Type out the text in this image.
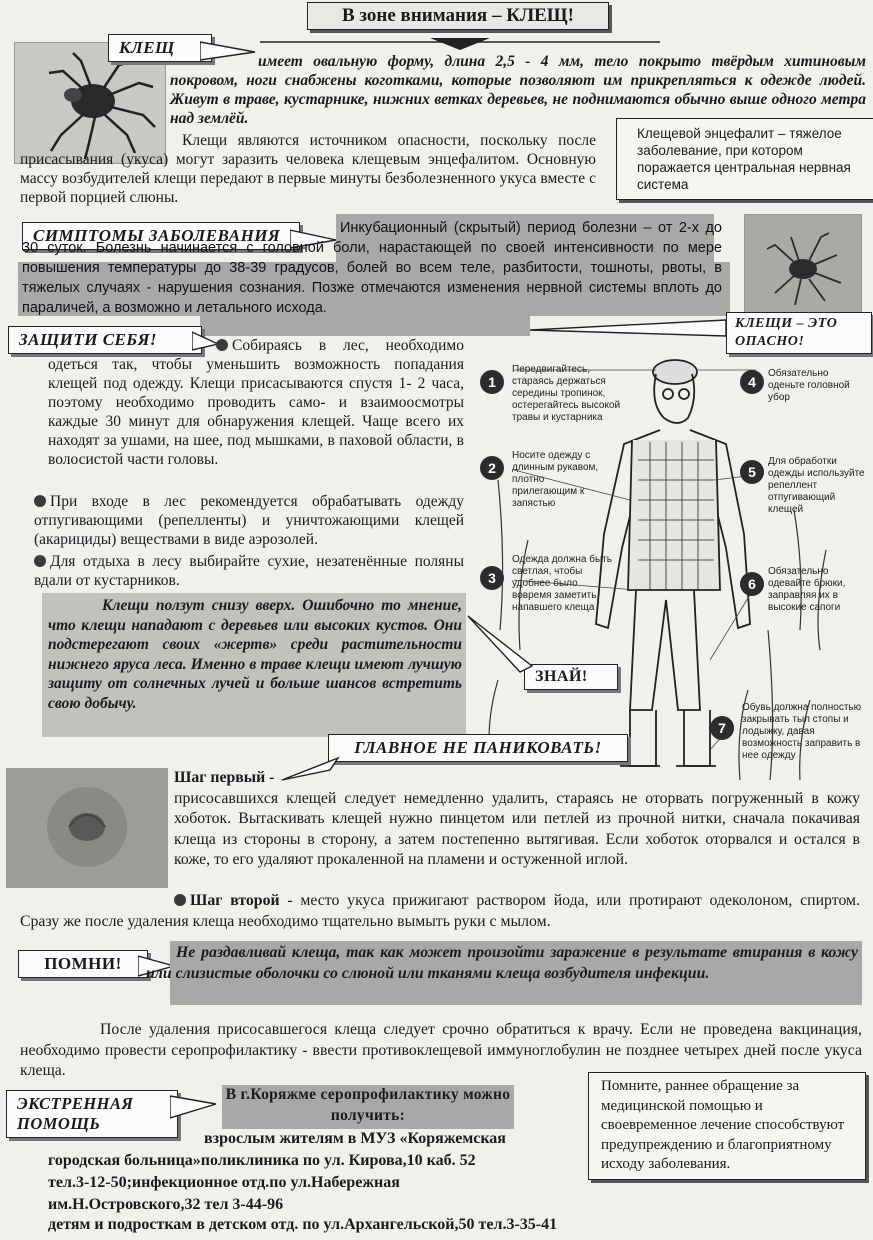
В зоне внимания – КЛЕЩ!
КЛЕЩ
имеет овальную форму, длина 2,5 - 4 мм, тело покрыто твёрдым хитиновым покровом, ноги снабжены коготками, которые позволяют им прикрепляться к одежде людей. Живут в траве, кустарнике, нижних ветках деревьев, не поднимаются обычно выше одного метра над землёй.
Клещи являются источником опасности, поскольку после присасывания (укуса) могут заразить человека клещевым энцефалитом. Основную массу возбудителей клещи передают в первые минуты безболезненного укуса вместе с первой порцией слюны.
Клещевой энцефалит – тяжелое заболевание, при котором поражается центральная нервная система
СИМПТОМЫ ЗАБОЛЕВАНИЯ	Инкубационный (скрытый) период болезни – от 2-х до 30 суток. Болезнь начинается с головной боли, нарастающей по своей интенсивности по мере повышения температуры до 38-39 градусов, болей во всем теле, разбитости, тошноты, рвоты, в тяжелых случаях - нарушения сознания. Позже отмечаются изменения нервной системы вплоть до параличей, а возможно и летального исхода.
КЛЕЩИ – ЭТО ОПАСНО!
ЗАЩИТИ СЕБЯ!	Собираясь в лес, необходимо одеться так, чтобы уменьшить возможность попадания клещей под одежду. Клещи присасываются спустя 1- 2 часа, поэтому необходимо проводить само- и взаимоосмотры каждые 30 минут для обнаружения клещей. Чаще всего их находят за ушами, на шее, под мышками, в паховой области, в волосистой части головы.
При входе в лес рекомендуется обрабатывать одежду отпугивающими (репелленты) и уничтожающими клещей (акарициды) веществами в виде аэрозолей.
Для отдыха в лесу выбирайте сухие, незатенённые поляны вдали от кустарников.
Клещи ползут снизу вверх. Ошибочно то мнение, что клещи нападают с деревьев или высоких кустов. Они подстерегают своих «жертв» среди растительности нижнего яруса леса. Именно в траве клещи имеют лучшую защиту от солнечных лучей и больше шансов встретить свою добычу.
ЗНАЙ!
1
Передвигайтесь, стараясь держаться середины тропинок, остерегайтесь высокой травы и кустарника
2
Носите одежду с длинным рукавом, плотно прилегающим к запястью
3
Одежда должна быть светлая, чтобы удобнее было вовремя заметить напавшего клеща
4
Обязательно оденьте головной убор
5
Для обработки одежды используйте репеллент отпугивающий клещей
6
Обязательно одевайте брюки, заправляя их в высокие сапоги
7
Обувь должна полностью закрывать тыл стопы и лодыжку, давая возможность заправить в нее одежду
ГЛАВНОЕ НЕ ПАНИКОВАТЬ!
Шаг первый -
присосавшихся клещей следует немедленно удалить, стараясь не оторвать погруженный в кожу хоботок. Вытаскивать клещей нужно пинцетом или петлей из прочной нитки, сначала покачивая клеща из стороны в сторону, а затем постепенно вытягивая. Если хоботок оторвался и остался в коже, то его удаляют прокаленной на пламени и остуженной иглой.
Шаг второй - место укуса прижигают раствором йода, или протирают одеколоном, спиртом. Сразу же после удаления клеща необходимо тщательно вымыть руки с мылом.
ПОМНИ!
Не раздавливай клеща, так как может произойти заражение в результате втирания в кожу или слизистые оболочки со слюной или тканями клеща возбудителя инфекции.
После удаления присосавшегося клеща следует срочно обратиться к врачу. Если не проведена вакцинация, необходимо провести серопрофилактику - ввести противоклещевой иммуноглобулин не позднее четырех дней после укуса клеща.
ЭКСТРЕННАЯ ПОМОЩЬ
В г.Коряжме серопрофилактику можно получить:
взрослым жителям в МУЗ «Коряжемская
городская больница»поликлиника по ул. Кирова,10 каб. 52
тел.3-12-50;инфекционное отд.по ул.Набережная
им.Н.Островского,32 тел 3-44-96
детям и подросткам в детском отд. по ул.Архангельской,50 тел.3-35-41
Помните, раннее обращение за медицинской помощью и своевременное лечение способствуют предупреждению и благоприятному исходу заболевания.
